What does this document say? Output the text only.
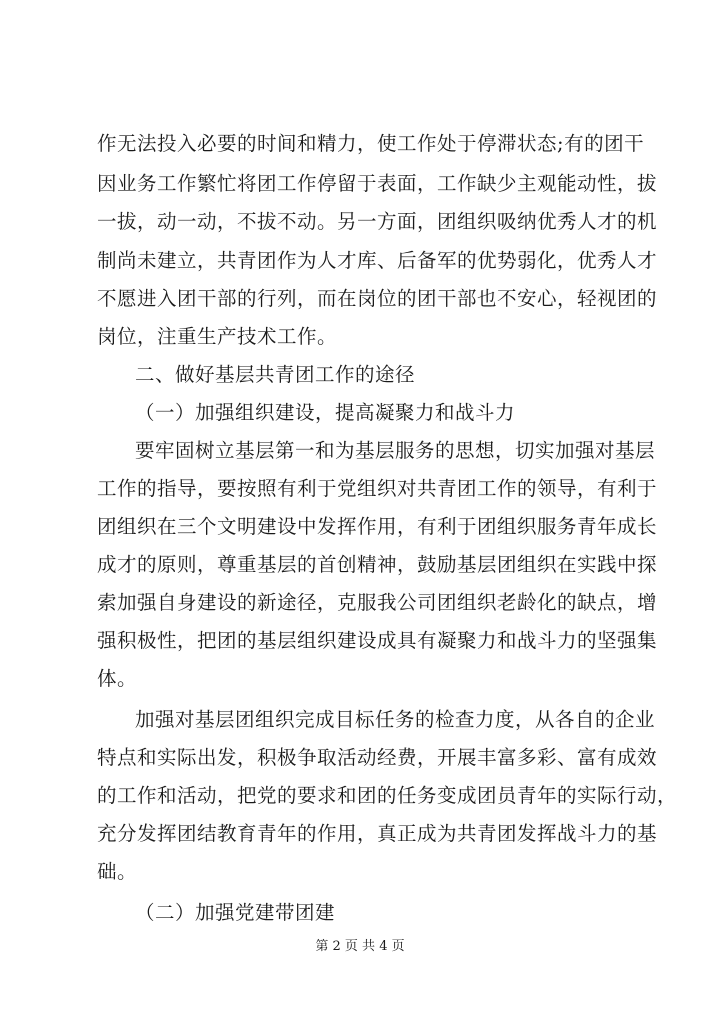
作无法投入必要的时间和精力，使工作处于停滞状态;有的团干
因业务工作繁忙将团工作停留于表面，工作缺少主观能动性，拔
一拔，动一动，不拔不动。另一方面，团组织吸纳优秀人才的机
制尚未建立，共青团作为人才库、后备军的优势弱化，优秀人才
不愿进入团干部的行列，而在岗位的团干部也不安心，轻视团的
岗位，注重生产技术工作。
二、做好基层共青团工作的途径
（一）加强组织建设，提高凝聚力和战斗力
要牢固树立基层第一和为基层服务的思想，切实加强对基层
工作的指导，要按照有利于党组织对共青团工作的领导，有利于
团组织在三个文明建设中发挥作用，有利于团组织服务青年成长
成才的原则，尊重基层的首创精神，鼓励基层团组织在实践中探
索加强自身建设的新途径，克服我公司团组织老龄化的缺点，增
强积极性，把团的基层组织建设成具有凝聚力和战斗力的坚强集
体。
加强对基层团组织完成目标任务的检查力度，从各自的企业
特点和实际出发，积极争取活动经费，开展丰富多彩、富有成效
的工作和活动，把党的要求和团的任务变成团员青年的实际行动，
充分发挥团结教育青年的作用，真正成为共青团发挥战斗力的基
础。
（二）加强党建带团建
第 2 页 共 4 页
